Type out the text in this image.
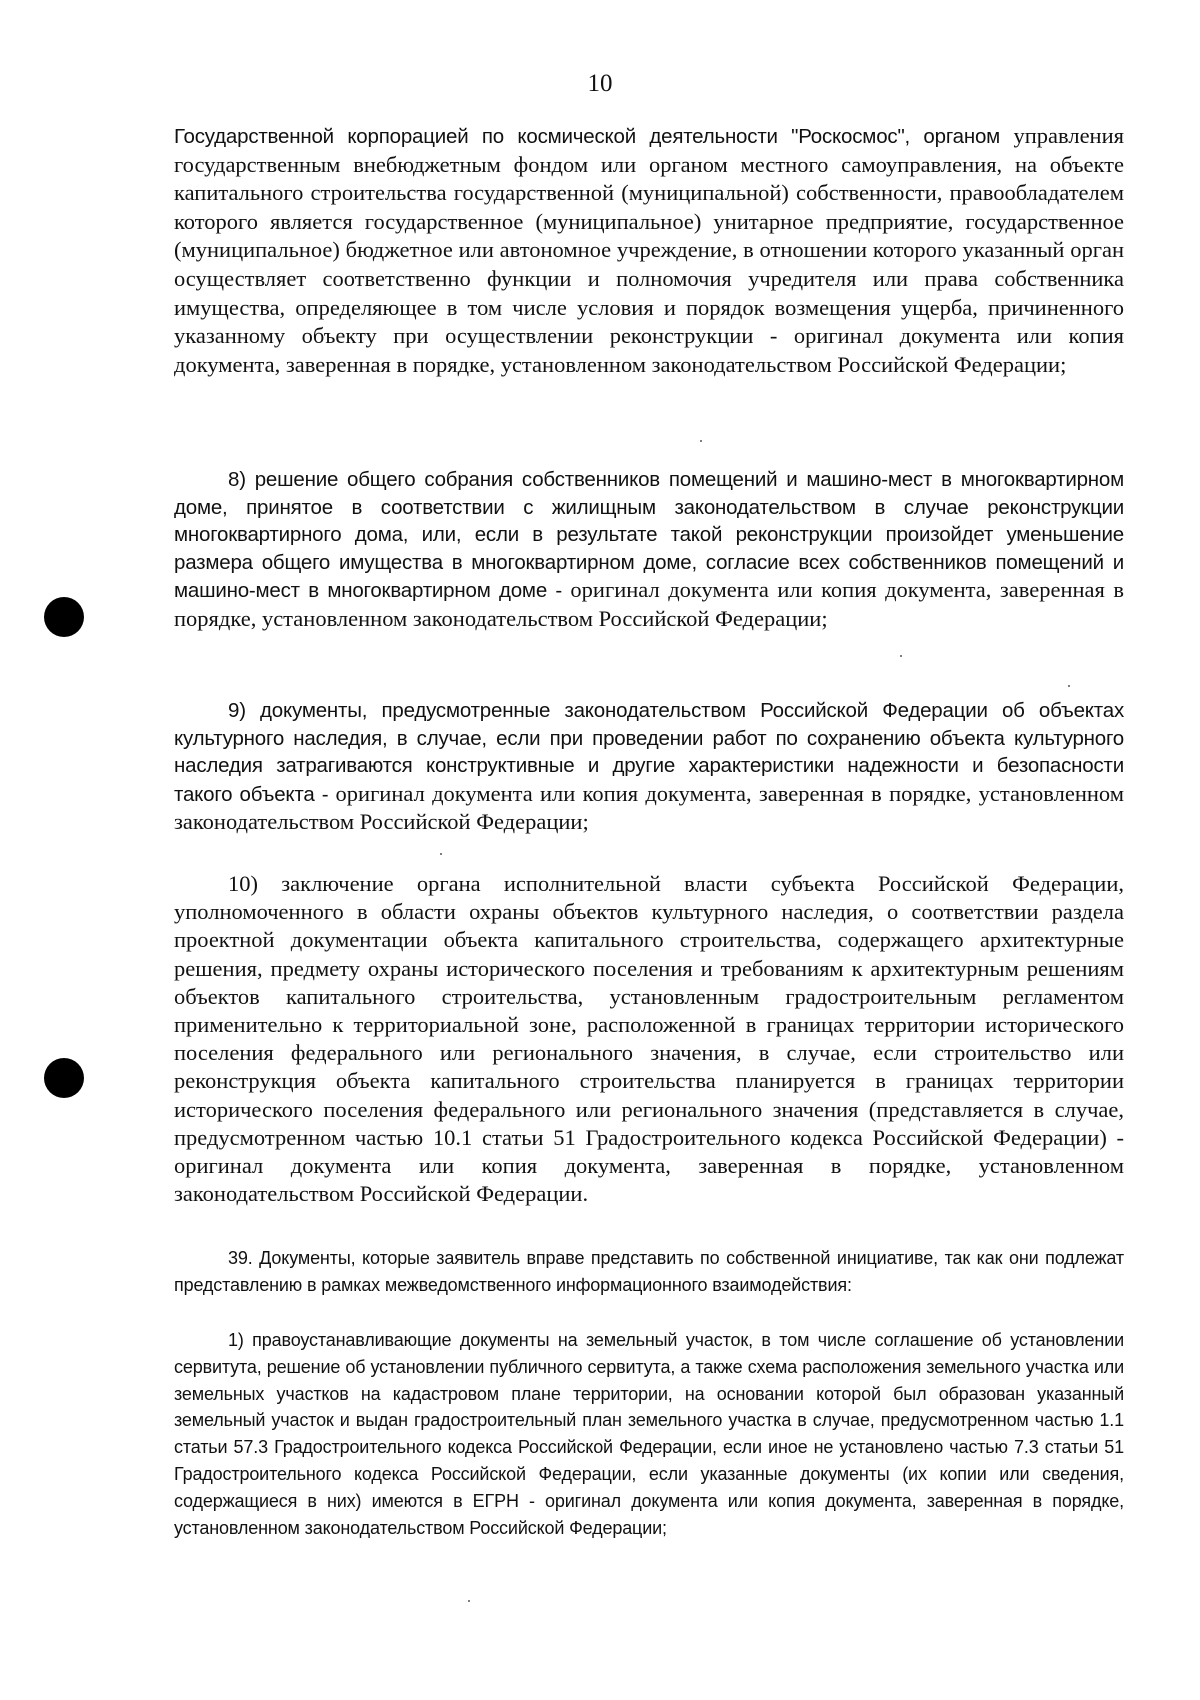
10

Государственной корпорацией по космической деятельности "Роскосмос", органом управления государственным внебюджетным фондом или органом местного самоуправления, на объекте капитального строительства государственной (муниципальной) собственности, правообладателем которого является государственное (муниципальное) унитарное предприятие, государственное (муниципальное) бюджетное или автономное учреждение, в отношении которого указанный орган осуществляет соответственно функции и полномочия учредителя или права собственника имущества, определяющее в том числе условия и порядок возмещения ущерба, причиненного указанному объекту при осуществлении реконструкции - оригинал документа или копия документа, заверенная в порядке, установленном законодательством Российской Федерации;

8) решение общего собрания собственников помещений и машино-мест в многоквартирном доме, принятое в соответствии с жилищным законодательством в случае реконструкции многоквартирного дома, или, если в результате такой реконструкции произойдет уменьшение размера общего имущества в многоквартирном доме, согласие всех собственников помещений и машино-мест в многоквартирном доме - оригинал документа или копия документа, заверенная в порядке, установленном законодательством Российской Федерации;

9) документы, предусмотренные законодательством Российской Федерации об объектах культурного наследия, в случае, если при проведении работ по сохранению объекта культурного наследия затрагиваются конструктивные и другие характеристики надежности и безопасности такого объекта - оригинал документа или копия документа, заверенная в порядке, установленном законодательством Российской Федерации;

10) заключение органа исполнительной власти субъекта Российской Федерации, уполномоченного в области охраны объектов культурного наследия, о соответствии раздела проектной документации объекта капитального строительства, содержащего архитектурные решения, предмету охраны исторического поселения и требованиям к архитектурным решениям объектов капитального строительства, установленным градостроительным регламентом применительно к территориальной зоне, расположенной в границах территории исторического поселения федерального или регионального значения, в случае, если строительство или реконструкция объекта капитального строительства планируется в границах территории исторического поселения федерального или регионального значения (представляется в случае, предусмотренном частью 10.1 статьи 51 Градостроительного кодекса Российской Федерации) - оригинал документа или копия документа, заверенная в порядке, установленном законодательством Российской Федерации.

39. Документы, которые заявитель вправе представить по собственной инициативе, так как они подлежат представлению в рамках межведомственного информационного взаимодействия:

1) правоустанавливающие документы на земельный участок, в том числе соглашение об установлении сервитута, решение об установлении публичного сервитута, а также схема расположения земельного участка или земельных участков на кадастровом плане территории, на основании которой был образован указанный земельный участок и выдан градостроительный план земельного участка в случае, предусмотренном частью 1.1 статьи 57.3 Градостроительного кодекса Российской Федерации, если иное не установлено частью 7.3 статьи 51 Градостроительного кодекса Российской Федерации, если указанные документы (их копии или сведения, содержащиеся в них) имеются в ЕГРН - оригинал документа или копия документа, заверенная в порядке, установленном законодательством Российской Федерации;
